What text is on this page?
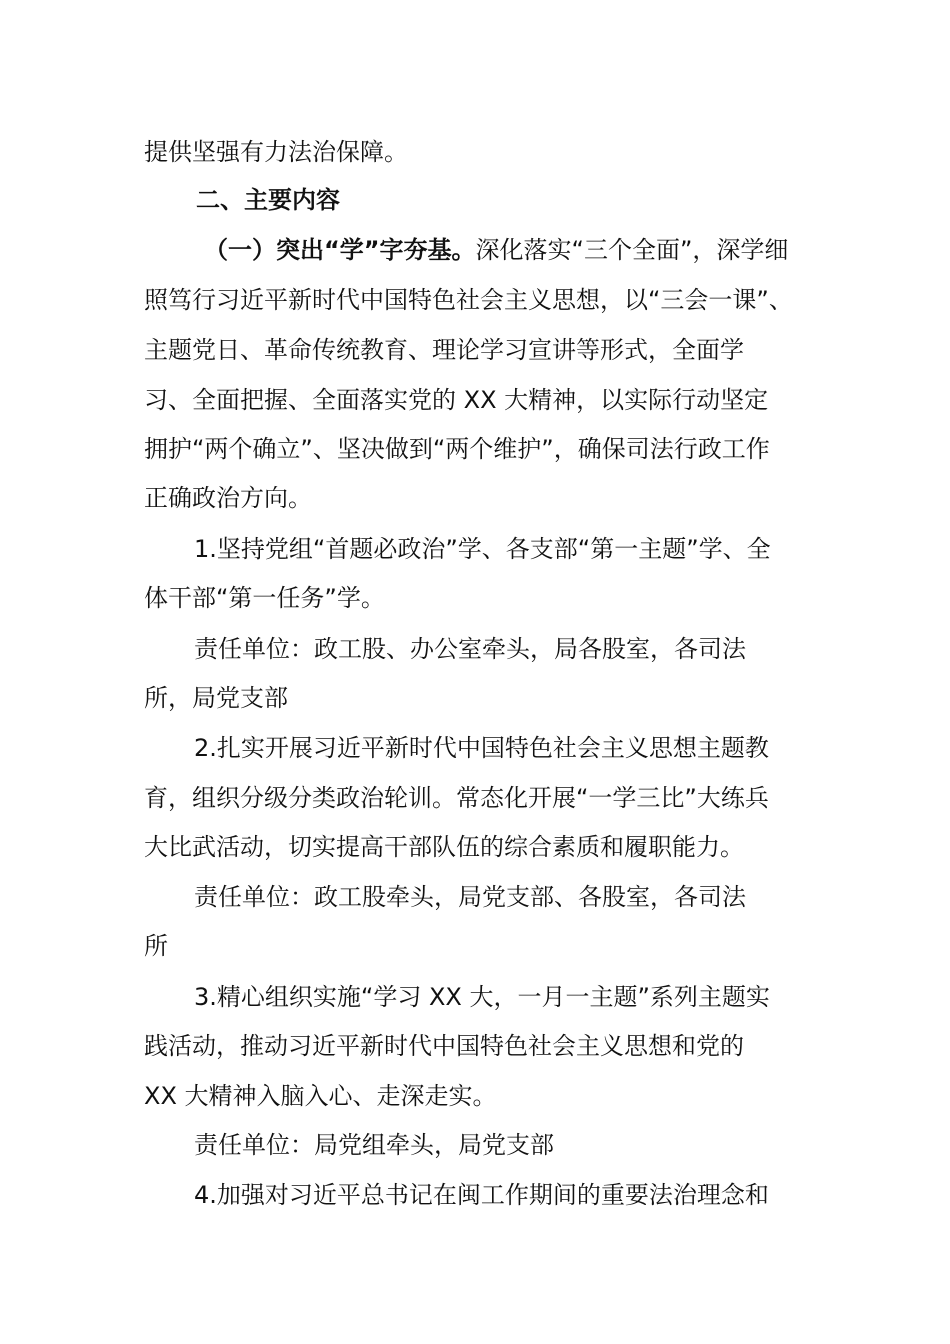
提供坚强有力法治保障。
二、主要内容
（一）突出“学”字夯基。深化落实“三个全面”，深学细
照笃行习近平新时代中国特色社会主义思想，以“三会一课”、
主题党日、革命传统教育、理论学习宣讲等形式，全面学
习、全面把握、全面落实党的 XX 大精神，以实际行动坚定
拥护“两个确立”、坚决做到“两个维护”，确保司法行政工作
正确政治方向。
1.坚持党组“首题必政治”学、各支部“第一主题”学、全
体干部“第一任务”学。
责任单位：政工股、办公室牵头，局各股室，各司法
所，局党支部
2.扎实开展习近平新时代中国特色社会主义思想主题教
育，组织分级分类政治轮训。常态化开展“一学三比”大练兵
大比武活动，切实提高干部队伍的综合素质和履职能力。
责任单位：政工股牵头，局党支部、各股室，各司法
所
3.精心组织实施“学习 XX 大，一月一主题”系列主题实
践活动，推动习近平新时代中国特色社会主义思想和党的
XX 大精神入脑入心、走深走实。
责任单位：局党组牵头，局党支部
4.加强对习近平总书记在闽工作期间的重要法治理念和
